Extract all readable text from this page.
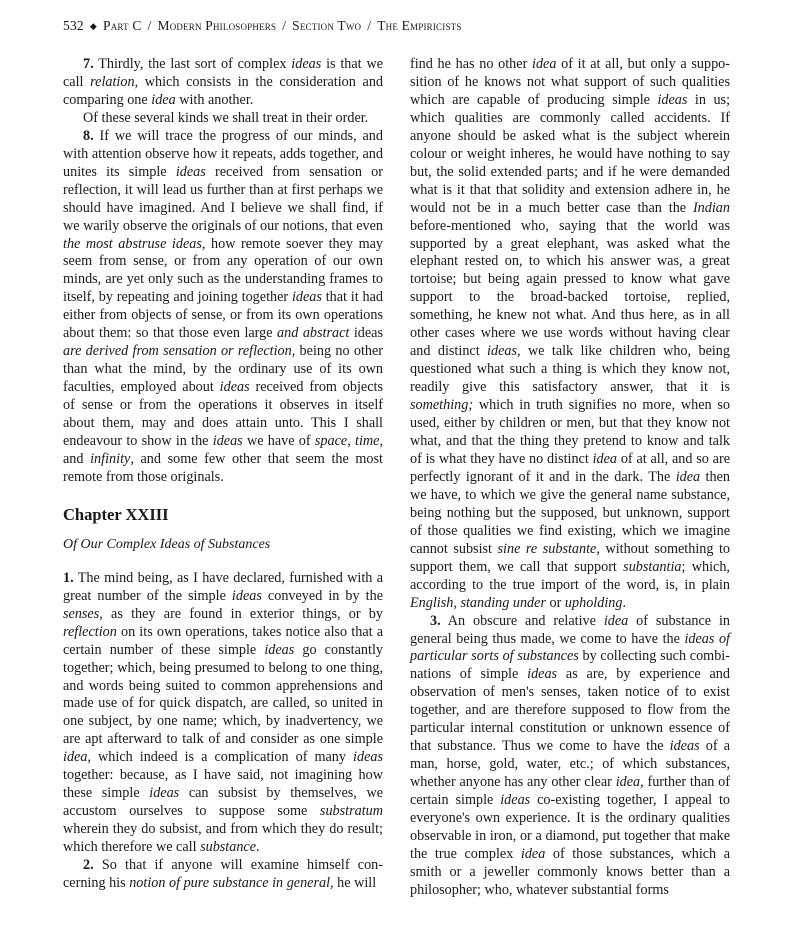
532 ◆ Part C / Modern Philosophers / Section Two / The Empiricists

7. Thirdly, the last sort of complex ideas is that we call relation, which consists in the consideration and comparing one idea with another.

Of these several kinds we shall treat in their order.

8. If we will trace the progress of our minds, and with attention observe how it repeats, adds together, and unites its simple ideas received from sensation or reflection, it will lead us further than at first perhaps we should have imagined. And I believe we shall find, if we warily observe the originals of our notions, that even the most abstruse ideas, how remote soever they may seem from sense, or from any operation of our own minds, are yet only such as the understanding frames to itself, by repeating and joining together ideas that it had either from objects of sense, or from its own operations about them: so that those even large and abstract ideas are derived from sensation or reflection, being no other than what the mind, by the ordinary use of its own faculties, employed about ideas received from objects of sense or from the operations it observes in itself about them, may and does attain unto. This I shall endeavour to show in the ideas we have of space, time, and infinity, and some few other that seem the most remote from those originals.

Chapter XXIII
Of Our Complex Ideas of Substances

1. The mind being, as I have declared, furnished with a great number of the simple ideas conveyed in by the senses, as they are found in exterior things, or by reflection on its own operations, takes notice also that a certain number of these simple ideas go constantly together; which, being presumed to belong to one thing, and words being suited to common apprehensions and made use of for quick dispatch, are called, so united in one subject, by one name; which, by inadvertency, we are apt afterward to talk of and consider as one simple idea, which indeed is a complication of many ideas together: because, as I have said, not imagining how these simple ideas can subsist by themselves, we accustom ourselves to suppose some substratum wherein they do subsist, and from which they do result; which therefore we call substance.

2. So that if anyone will examine himself concerning his notion of pure substance in general, he will

find he has no other idea of it at all, but only a supposition of he knows not what support of such qualities which are capable of producing simple ideas in us; which qualities are commonly called accidents. If anyone should be asked what is the subject wherein colour or weight inheres, he would have nothing to say but, the solid extended parts; and if he were demanded what is it that that solidity and extension adhere in, he would not be in a much better case than the Indian before-mentioned who, saying that the world was supported by a great elephant, was asked what the elephant rested on, to which his answer was, a great tortoise; but being again pressed to know what gave support to the broad-backed tortoise, replied, something, he knew not what. And thus here, as in all other cases where we use words without having clear and distinct ideas, we talk like children who, being questioned what such a thing is which they know not, readily give this satisfactory answer, that it is something; which in truth signifies no more, when so used, either by children or men, but that they know not what, and that the thing they pretend to know and talk of is what they have no distinct idea of at all, and so are perfectly ignorant of it and in the dark. The idea then we have, to which we give the general name substance, being nothing but the supposed, but unknown, support of those qualities we find existing, which we imagine cannot subsist sine re substante, without something to support them, we call that support substantia; which, according to the true import of the word, is, in plain English, standing under or upholding.

3. An obscure and relative idea of substance in general being thus made, we come to have the ideas of particular sorts of substances by collecting such combinations of simple ideas as are, by experience and observation of men's senses, taken notice of to exist together, and are therefore supposed to flow from the particular internal constitution or unknown essence of that substance. Thus we come to have the ideas of a man, horse, gold, water, etc.; of which substances, whether anyone has any other clear idea, further than of certain simple ideas co-existing together, I appeal to everyone's own experience. It is the ordinary qualities observable in iron, or a diamond, put together that make the true complex idea of those substances, which a smith or a jeweller commonly knows better than a philosopher; who, whatever substantial forms
